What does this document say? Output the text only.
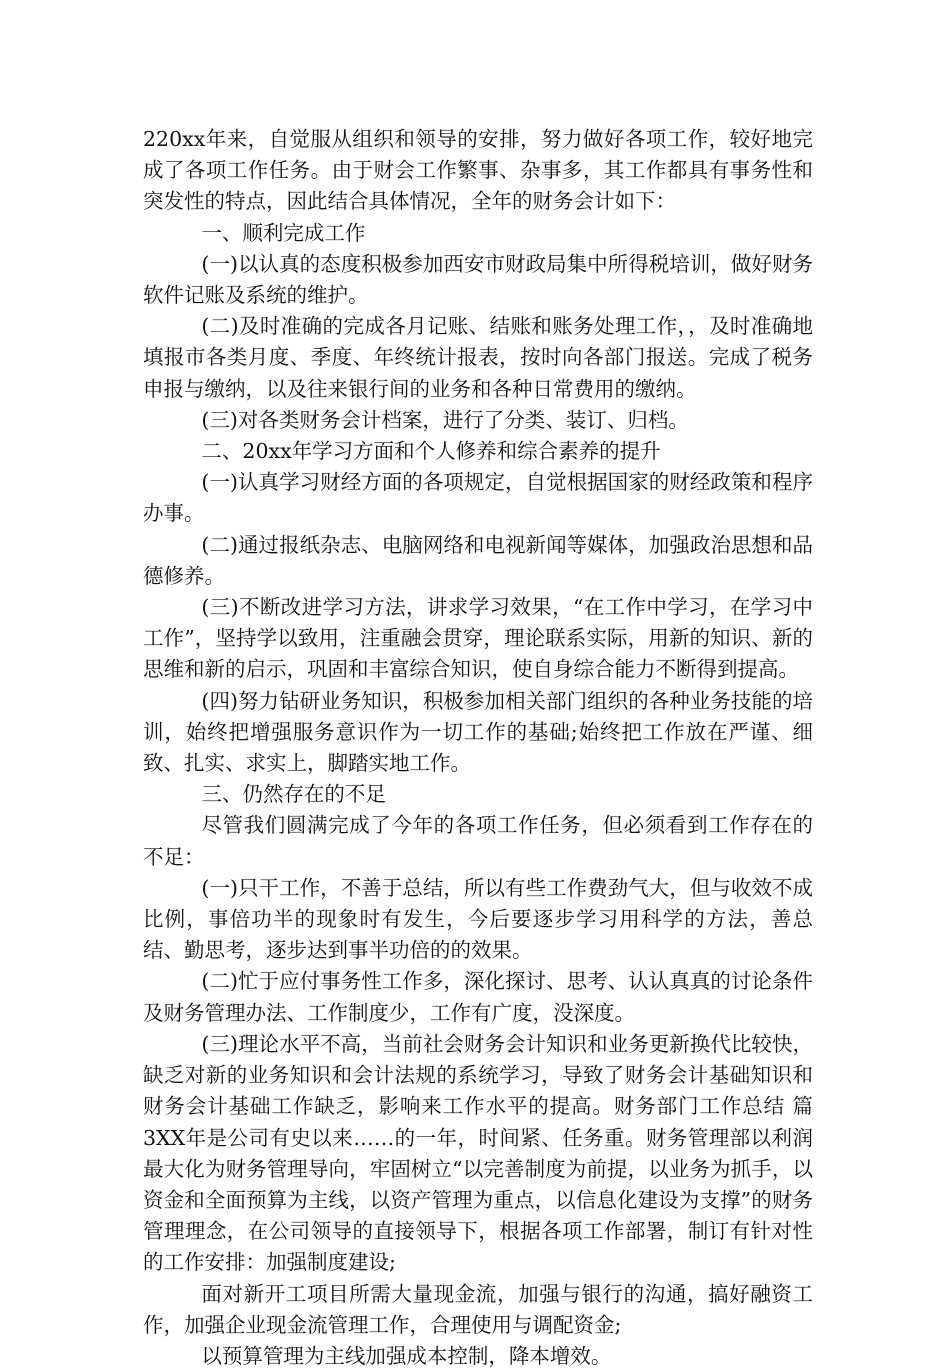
220xx年来，自觉服从组织和领导的安排，努力做好各项工作，较好地完成了各项工作任务。由于财会工作繁事、杂事多，其工作都具有事务性和突发性的特点，因此结合具体情况，全年的财务会计如下：

一、顺利完成工作

(一)以认真的态度积极参加西安市财政局集中所得税培训，做好财务软件记账及系统的维护。

(二)及时准确的完成各月记账、结账和账务处理工作，，及时准确地填报市各类月度、季度、年终统计报表，按时向各部门报送。完成了税务申报与缴纳，以及往来银行间的业务和各种日常费用的缴纳。

(三)对各类财务会计档案，进行了分类、装订、归档。

二、20xx年学习方面和个人修养和综合素养的提升

(一)认真学习财经方面的各项规定，自觉根据国家的财经政策和程序办事。

(二)通过报纸杂志、电脑网络和电视新闻等媒体，加强政治思想和品德修养。

(三)不断改进学习方法，讲求学习效果，“在工作中学习，在学习中工作”，坚持学以致用，注重融会贯穿，理论联系实际，用新的知识、新的思维和新的启示，巩固和丰富综合知识，使自身综合能力不断得到提高。

(四)努力钻研业务知识，积极参加相关部门组织的各种业务技能的培训，始终把增强服务意识作为一切工作的基础;始终把工作放在严谨、细致、扎实、求实上，脚踏实地工作。

三、仍然存在的不足

尽管我们圆满完成了今年的各项工作任务，但必须看到工作存在的不足：

(一)只干工作，不善于总结，所以有些工作费劲气大，但与收效不成比例，事倍功半的现象时有发生，今后要逐步学习用科学的方法，善总结、勤思考，逐步达到事半功倍的的效果。

(二)忙于应付事务性工作多，深化探讨、思考、认认真真的讨论条件及财务管理办法、工作制度少，工作有广度，没深度。

(三)理论水平不高，当前社会财务会计知识和业务更新换代比较快，缺乏对新的业务知识和会计法规的系统学习，导致了财务会计基础知识和财务会计基础工作缺乏，影响来工作水平的提高。财务部门工作总结 篇3XX年是公司有史以来……的一年，时间紧、任务重。财务管理部以利润最大化为财务管理导向，牢固树立“以完善制度为前提，以业务为抓手，以资金和全面预算为主线，以资产管理为重点，以信息化建设为支撑”的财务管理理念，在公司领导的直接领导下，根据各项工作部署，制订有针对性的工作安排：加强制度建设;

面对新开工项目所需大量现金流，加强与银行的沟通，搞好融资工作，加强企业现金流管理工作，合理使用与调配资金;

以预算管理为主线加强成本控制，降本增效。
